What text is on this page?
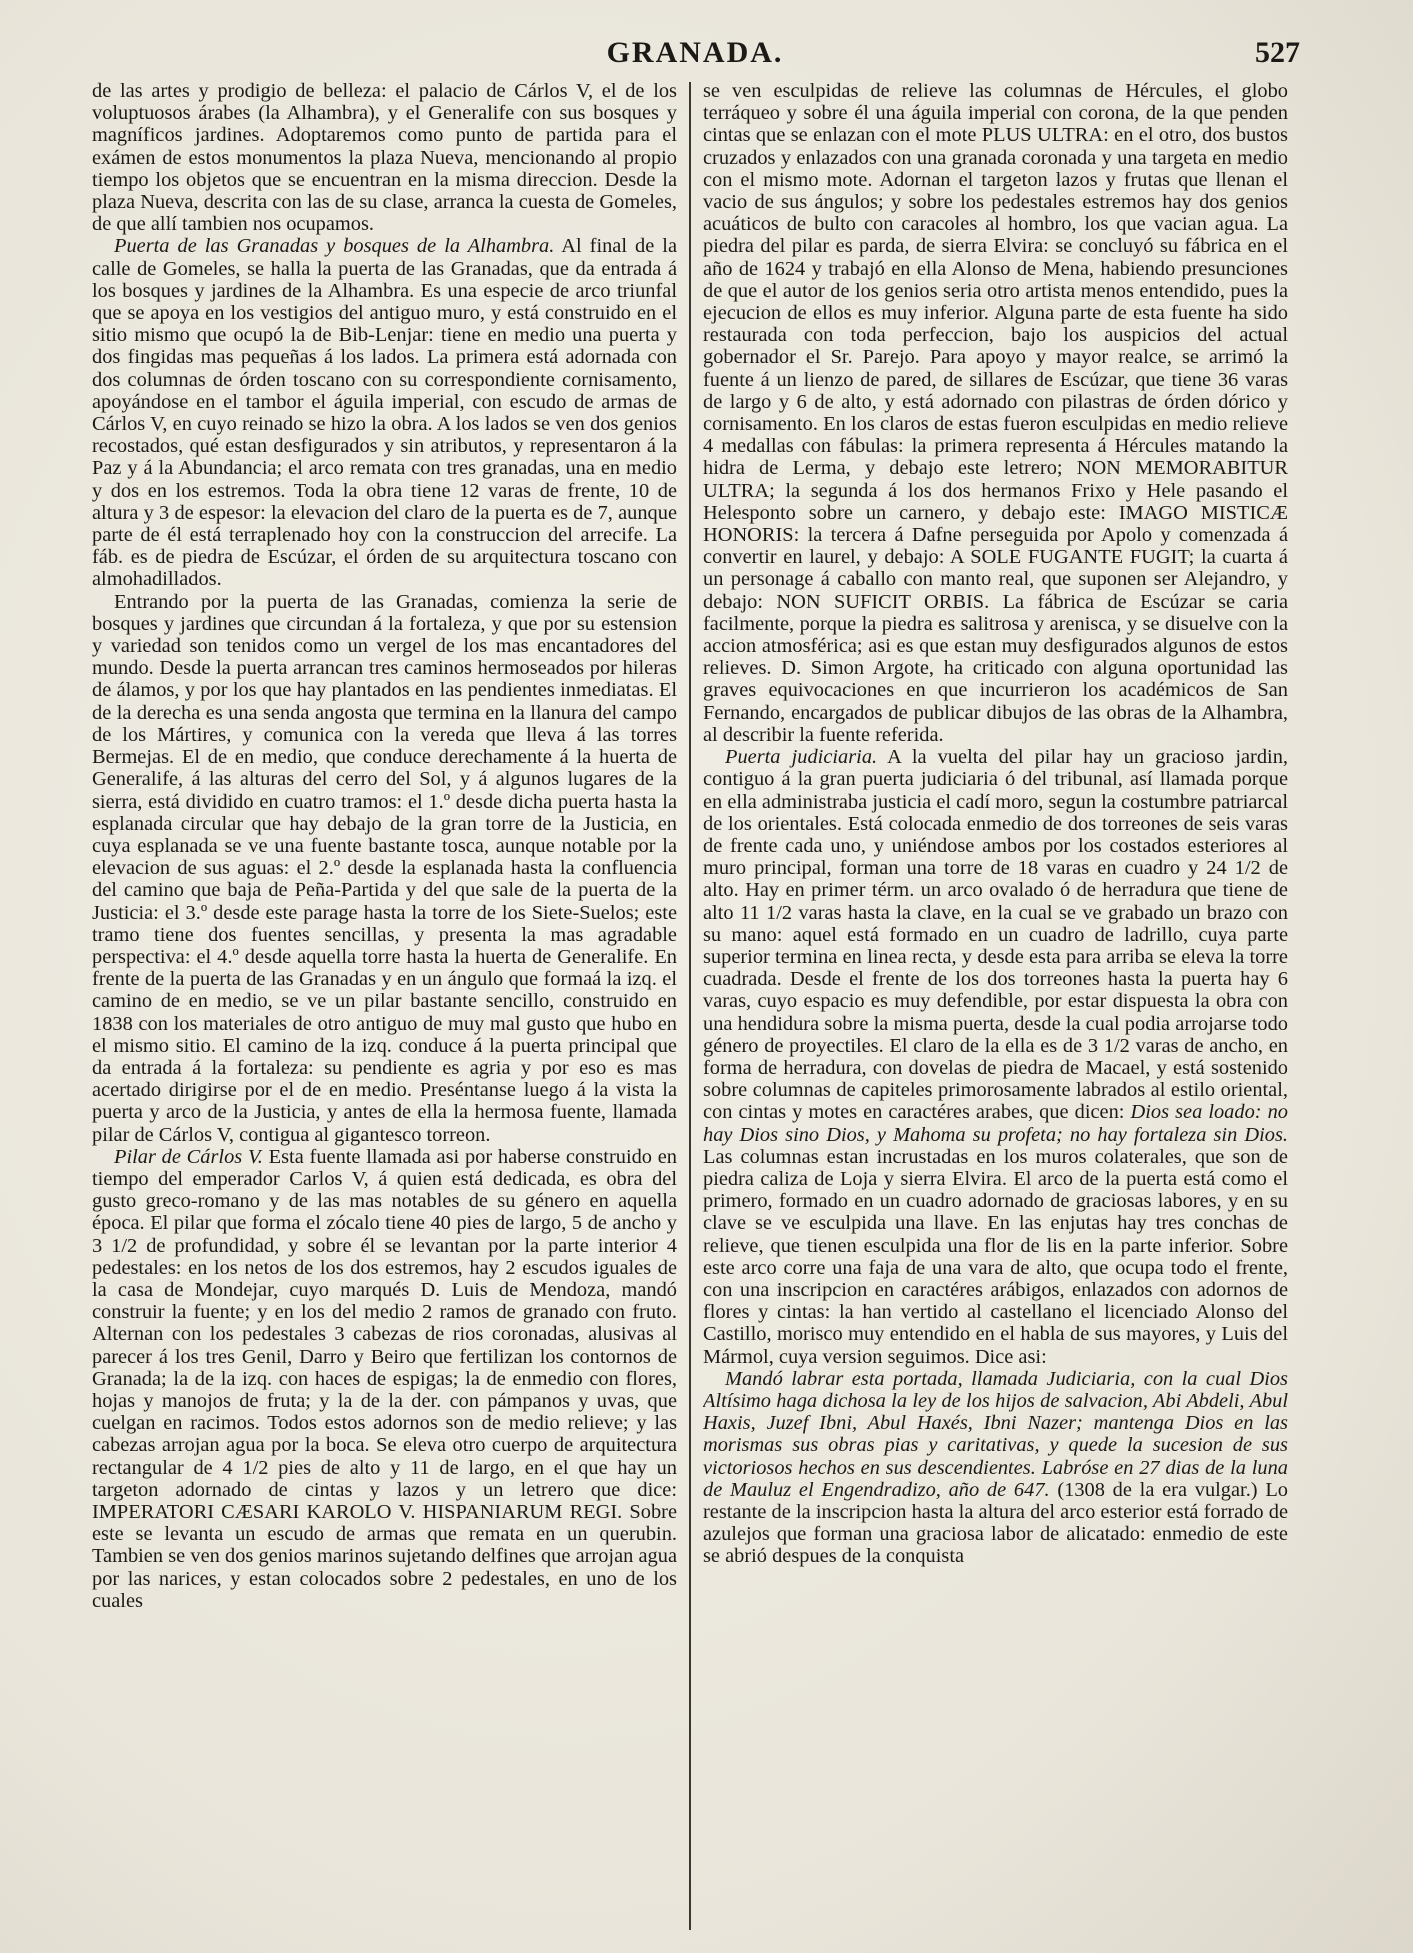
GRANADA.	527

de las artes y prodigio de belleza: el palacio de Cárlos V, el de los voluptuosos árabes (la Alhambra), y el Generalife con sus bosques y magníficos jardines. Adoptaremos como punto de partida para el exámen de estos monumentos la plaza Nueva, mencionando al propio tiempo los objetos que se encuentran en la misma direccion. Desde la plaza Nueva, descrita con las de su clase, arranca la cuesta de Gomeles, de que allí tambien nos ocupamos.

Puerta de las Granadas y bosques de la Alhambra. Al final de la calle de Gomeles, se halla la puerta de las Granadas, que da entrada á los bosques y jardines de la Alhambra. Es una especie de arco triunfal que se apoya en los vestigios del antiguo muro, y está construido en el sitio mismo que ocupó la de Bib-Lenjar: tiene en medio una puerta y dos fingidas mas pequeñas á los lados. La primera está adornada con dos columnas de órden toscano con su correspondiente cornisamento, apoyándose en el tambor el águila imperial, con escudo de armas de Cárlos V, en cuyo reinado se hizo la obra. A los lados se ven dos genios recostados, qué estan desfigurados y sin atributos, y representaron á la Paz y á la Abundancia; el arco remata con tres granadas, una en medio y dos en los estremos. Toda la obra tiene 12 varas de frente, 10 de altura y 3 de espesor: la elevacion del claro de la puerta es de 7, aunque parte de él está terraplenado hoy con la construccion del arrecife. La fáb. es de piedra de Escúzar, el órden de su arquitectura toscano con almohadillados.

Entrando por la puerta de las Granadas, comienza la serie de bosques y jardines que circundan á la fortaleza, y que por su estension y variedad son tenidos como un vergel de los mas encantadores del mundo. Desde la puerta arrancan tres caminos hermoseados por hileras de álamos, y por los que hay plantados en las pendientes inmediatas. El de la derecha es una senda angosta que termina en la llanura del campo de los Mártires, y comunica con la vereda que lleva á las torres Bermejas. El de en medio, que conduce derechamente á la huerta de Generalife, á las alturas del cerro del Sol, y á algunos lugares de la sierra, está dividido en cuatro tramos: el 1.º desde dicha puerta hasta la esplanada circular que hay debajo de la gran torre de la Justicia, en cuya esplanada se ve una fuente bastante tosca, aunque notable por la elevacion de sus aguas: el 2.º desde la esplanada hasta la confluencia del camino que baja de Peña-Partida y del que sale de la puerta de la Justicia: el 3.º desde este parage hasta la torre de los Siete-Suelos; este tramo tiene dos fuentes sencillas, y presenta la mas agradable perspectiva: el 4.º desde aquella torre hasta la huerta de Generalife. En frente de la puerta de las Granadas y en un ángulo que formaá la izq. el camino de en medio, se ve un pilar bastante sencillo, construido en 1838 con los materiales de otro antiguo de muy mal gusto que hubo en el mismo sitio. El camino de la izq. conduce á la puerta principal que da entrada á la fortaleza: su pendiente es agria y por eso es mas acertado dirigirse por el de en medio. Preséntanse luego á la vista la puerta y arco de la Justicia, y antes de ella la hermosa fuente, llamada pilar de Cárlos V, contigua al gigantesco torreon.

Pilar de Cárlos V. Esta fuente llamada asi por haberse construido en tiempo del emperador Carlos V, á quien está dedicada, es obra del gusto greco-romano y de las mas notables de su género en aquella época. El pilar que forma el zócalo tiene 40 pies de largo, 5 de ancho y 3 1/2 de profundidad, y sobre él se levantan por la parte interior 4 pedestales: en los netos de los dos estremos, hay 2 escudos iguales de la casa de Mondejar, cuyo marqués D. Luis de Mendoza, mandó construir la fuente; y en los del medio 2 ramos de granado con fruto. Alternan con los pedestales 3 cabezas de rios coronadas, alusivas al parecer á los tres Genil, Darro y Beiro que fertilizan los contornos de Granada; la de la izq. con haces de espigas; la de enmedio con flores, hojas y manojos de fruta; y la de la der. con pámpanos y uvas, que cuelgan en racimos. Todos estos adornos son de medio relieve; y las cabezas arrojan agua por la boca. Se eleva otro cuerpo de arquitectura rectangular de 4 1/2 pies de alto y 11 de largo, en el que hay un targeton adornado de cintas y lazos y un letrero que dice: IMPERATORI CÆSARI KAROLO V. HISPANIARUM REGI. Sobre este se levanta un escudo de armas que remata en un querubin. Tambien se ven dos genios marinos sujetando delfines que arrojan agua por las narices, y estan colocados sobre 2 pedestales, en uno de los cuales

se ven esculpidas de relieve las columnas de Hércules, el globo terráqueo y sobre él una águila imperial con corona, de la que penden cintas que se enlazan con el mote PLUS ULTRA: en el otro, dos bustos cruzados y enlazados con una granada coronada y una targeta en medio con el mismo mote. Adornan el targeton lazos y frutas que llenan el vacio de sus ángulos; y sobre los pedestales estremos hay dos genios acuáticos de bulto con caracoles al hombro, los que vacian agua. La piedra del pilar es parda, de sierra Elvira: se concluyó su fábrica en el año de 1624 y trabajó en ella Alonso de Mena, habiendo presunciones de que el autor de los genios seria otro artista menos entendido, pues la ejecucion de ellos es muy inferior. Alguna parte de esta fuente ha sido restaurada con toda perfeccion, bajo los auspicios del actual gobernador el Sr. Parejo. Para apoyo y mayor realce, se arrimó la fuente á un lienzo de pared, de sillares de Escúzar, que tiene 36 varas de largo y 6 de alto, y está adornado con pilastras de órden dórico y cornisamento. En los claros de estas fueron esculpidas en medio relieve 4 medallas con fábulas: la primera representa á Hércules matando la hidra de Lerma, y debajo este letrero; NON MEMORABITUR ULTRA; la segunda á los dos hermanos Frixo y Hele pasando el Helesponto sobre un carnero, y debajo este: IMAGO MISTICÆ HONORIS: la tercera á Dafne perseguida por Apolo y comenzada á convertir en laurel, y debajo: A SOLE FUGANTE FUGIT; la cuarta á un personage á caballo con manto real, que suponen ser Alejandro, y debajo: NON SUFICIT ORBIS. La fábrica de Escúzar se caria facilmente, porque la piedra es salitrosa y arenisca, y se disuelve con la accion atmosférica; asi es que estan muy desfigurados algunos de estos relieves. D. Simon Argote, ha criticado con alguna oportunidad las graves equivocaciones en que incurrieron los académicos de San Fernando, encargados de publicar dibujos de las obras de la Alhambra, al describir la fuente referida.

Puerta judiciaria. A la vuelta del pilar hay un gracioso jardin, contiguo á la gran puerta judiciaria ó del tribunal, así llamada porque en ella administraba justicia el cadí moro, segun la costumbre patriarcal de los orientales. Está colocada enmedio de dos torreones de seis varas de frente cada uno, y uniéndose ambos por los costados esteriores al muro principal, forman una torre de 18 varas en cuadro y 24 1/2 de alto. Hay en primer térm. un arco ovalado ó de herradura que tiene de alto 11 1/2 varas hasta la clave, en la cual se ve grabado un brazo con su mano: aquel está formado en un cuadro de ladrillo, cuya parte superior termina en linea recta, y desde esta para arriba se eleva la torre cuadrada. Desde el frente de los dos torreones hasta la puerta hay 6 varas, cuyo espacio es muy defendible, por estar dispuesta la obra con una hendidura sobre la misma puerta, desde la cual podia arrojarse todo género de proyectiles. El claro de la ella es de 3 1/2 varas de ancho, en forma de herradura, con dovelas de piedra de Macael, y está sostenido sobre columnas de capiteles primorosamente labrados al estilo oriental, con cintas y motes en caractéres arabes, que dicen: Dios sea loado: no hay Dios sino Dios, y Mahoma su profeta; no hay fortaleza sin Dios. Las columnas estan incrustadas en los muros colaterales, que son de piedra caliza de Loja y sierra Elvira. El arco de la puerta está como el primero, formado en un cuadro adornado de graciosas labores, y en su clave se ve esculpida una llave. En las enjutas hay tres conchas de relieve, que tienen esculpida una flor de lis en la parte inferior. Sobre este arco corre una faja de una vara de alto, que ocupa todo el frente, con una inscripcion en caractéres arábigos, enlazados con adornos de flores y cintas: la han vertido al castellano el licenciado Alonso del Castillo, morisco muy entendido en el habla de sus mayores, y Luis del Mármol, cuya version seguimos. Dice asi:

Mandó labrar esta portada, llamada Judiciaria, con la cual Dios Altísimo haga dichosa la ley de los hijos de salvacion, Abi Abdeli, Abul Haxis, Juzef Ibni, Abul Haxés, Ibni Nazer; mantenga Dios en las morismas sus obras pias y caritativas, y quede la sucesion de sus victoriosos hechos en sus descendientes. Labróse en 27 dias de la luna de Mauluz el Engendradizo, año de 647. (1308 de la era vulgar.) Lo restante de la inscripcion hasta la altura del arco esterior está forrado de azulejos que forman una graciosa labor de alicatado: enmedio de este se abrió despues de la conquista
